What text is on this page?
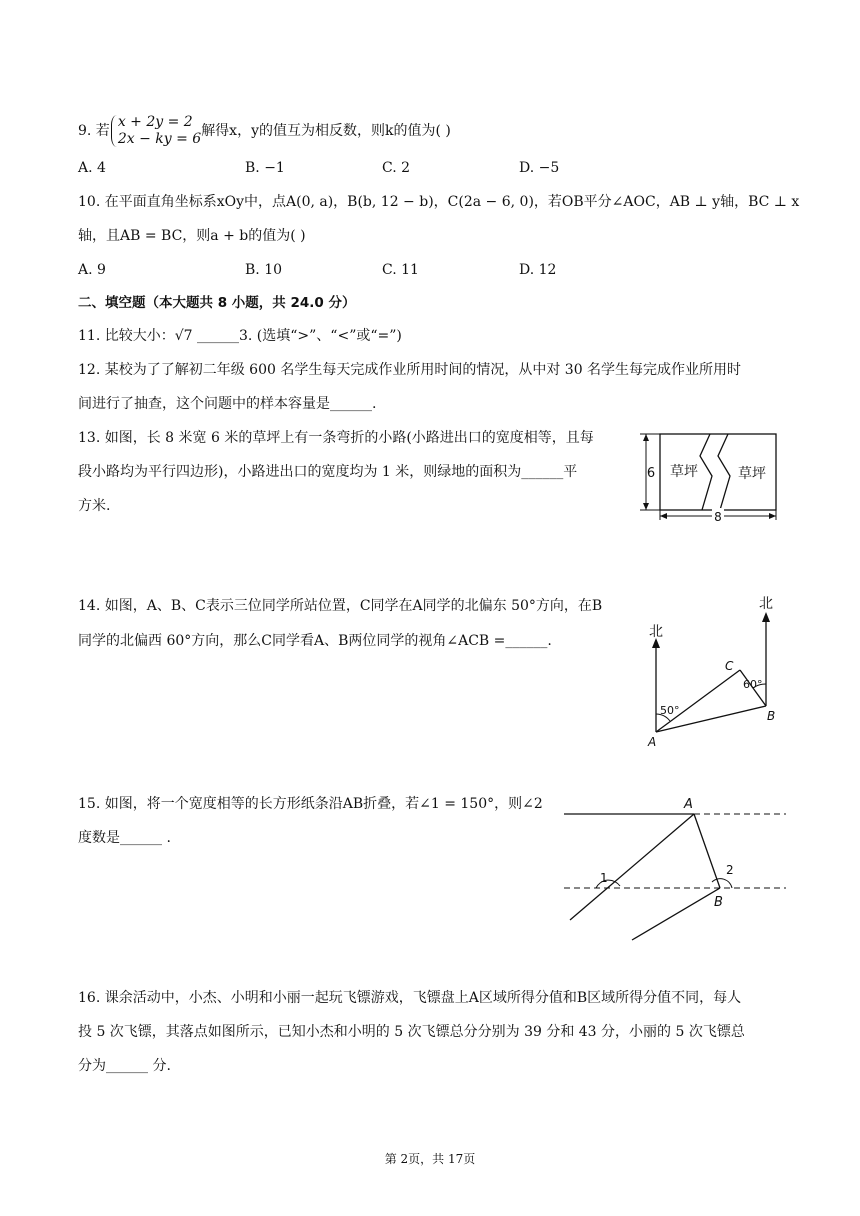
9. 若
x + 2y = 2
2x − ky = 6 解得x，y的值互为相反数，则k的值为( )
A. 4	B. −1	C. 2	D. −5
10. 在平面直角坐标系xOy中，点A(0, a)，B(b, 12 − b)，C(2a − 6, 0)，若OB平分∠AOC，AB ⊥ y轴，BC ⊥ x
轴，且AB = BC，则a + b的值为( )
A. 9	B. 10	C. 11	D. 12
二、填空题（本大题共 8 小题，共 24.0 分）
11. 比较大小：√7 ______3. (选填“>”、“<”或“=”)
12. 某校为了了解初二年级 600 名学生每天完成作业所用时间的情况，从中对 30 名学生每完成作业所用时
间进行了抽查，这个问题中的样本容量是______.
13. 如图，长 8 米宽 6 米的草坪上有一条弯折的小路(小路进出口的宽度相等，且每
段小路均为平行四边形)，小路进出口的宽度均为 1 米，则绿地的面积为______平
方米.
6
8
草坪	草坪
14. 如图，A、B、C表示三位同学所站位置，C同学在A同学的北偏东 50°方向，在B
同学的北偏西 60°方向，那么C同学看A、B两位同学的视角∠ACB =______.
北
北
50°
60°
A
B
C
15. 如图，将一个宽度相等的长方形纸条沿AB折叠，若∠1 = 150°，则∠2
度数是______ .
1
2
A
B
16. 课余活动中，小杰、小明和小丽一起玩飞镖游戏，飞镖盘上A区域所得分值和B区域所得分值不同，每人
投 5 次飞镖，其落点如图所示，已知小杰和小明的 5 次飞镖总分分别为 39 分和 43 分，小丽的 5 次飞镖总
分为______ 分.
第 2页，共 17页
